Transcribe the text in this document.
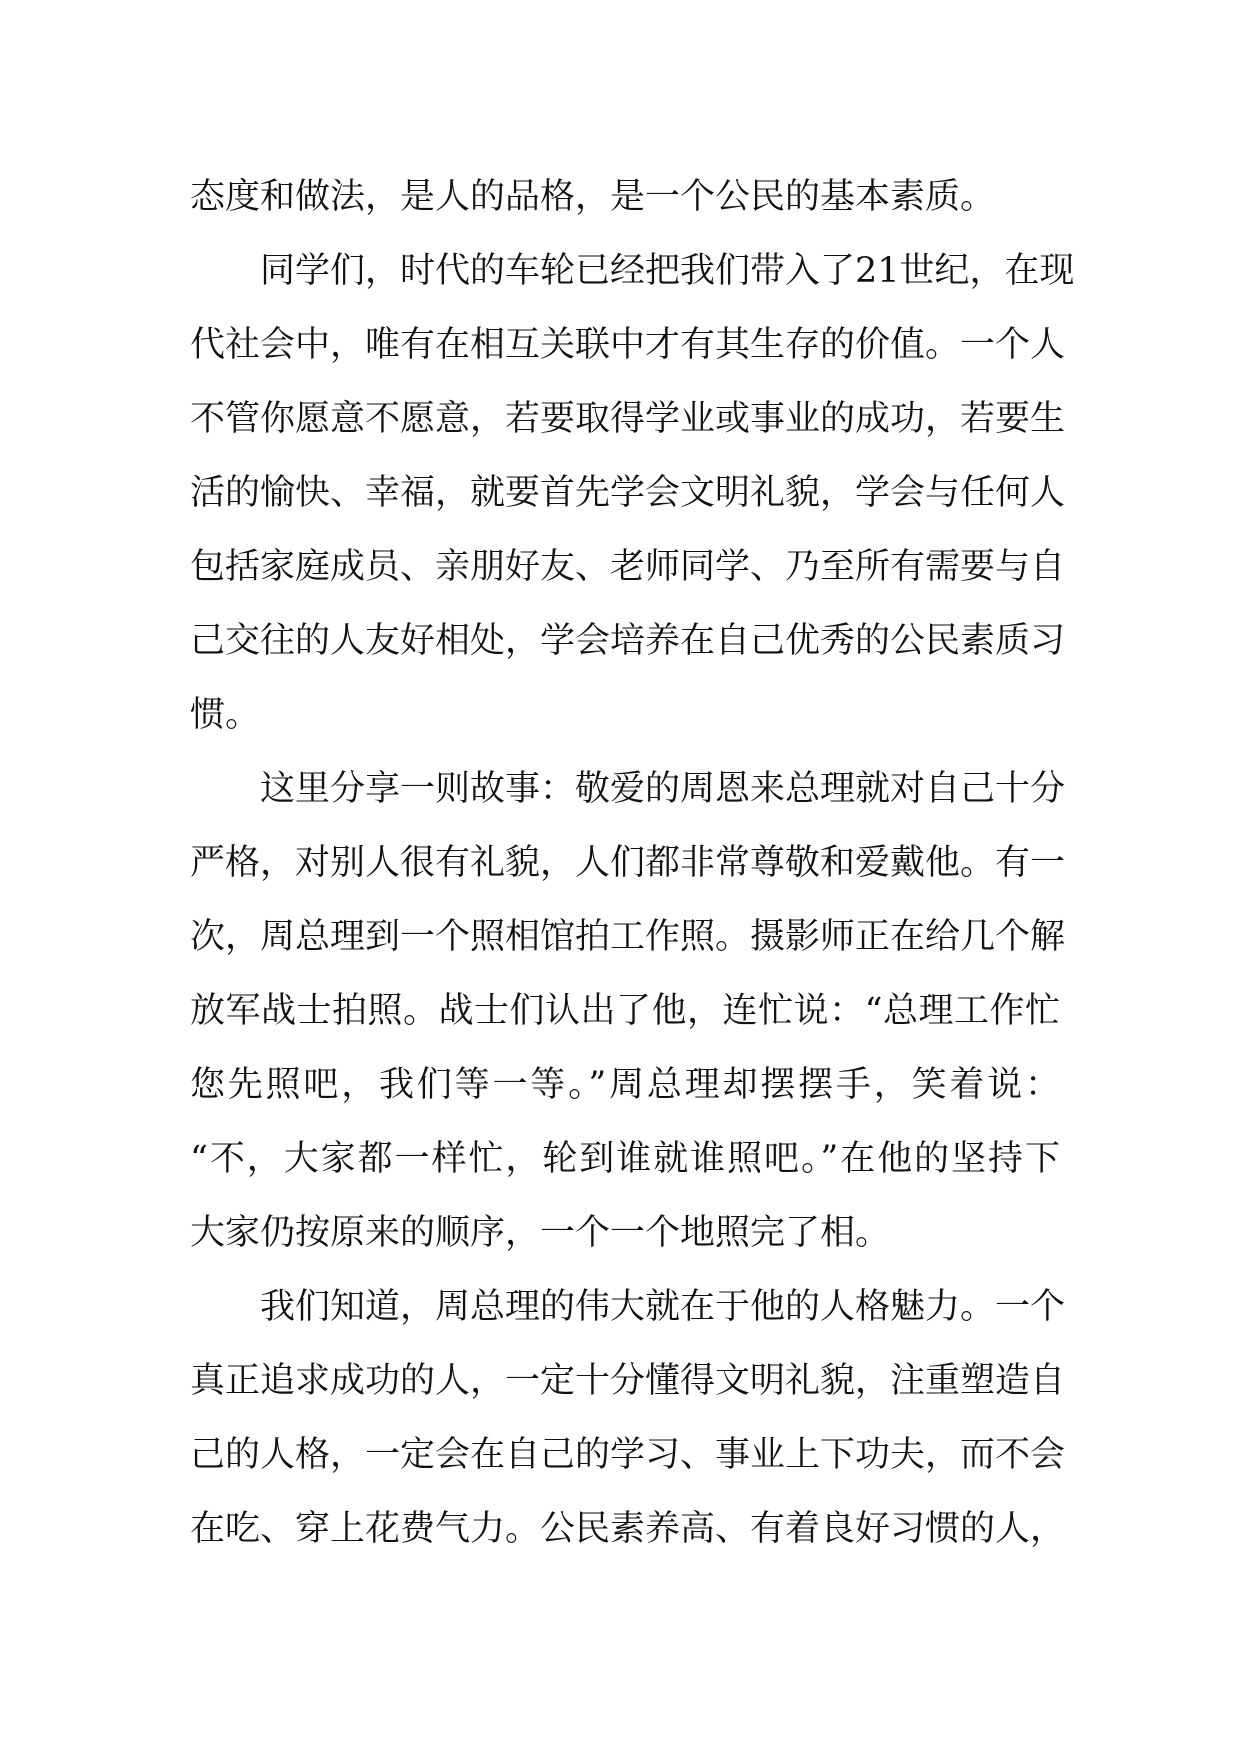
态度和做法，是人的品格，是一个公民的基本素质。
同学们，时代的车轮已经把我们带入了21世纪，在现
代社会中，唯有在相互关联中才有其生存的价值。一个人
不管你愿意不愿意，若要取得学业或事业的成功，若要生
活的愉快、幸福，就要首先学会文明礼貌，学会与任何人
包括家庭成员、亲朋好友、老师同学、乃至所有需要与自
己交往的人友好相处，学会培养在自己优秀的公民素质习
惯。
这里分享一则故事：敬爱的周恩来总理就对自己十分
严格，对别人很有礼貌，人们都非常尊敬和爱戴他。有一
次，周总理到一个照相馆拍工作照。摄影师正在给几个解
放军战士拍照。战士们认出了他，连忙说：“总理工作忙
您先照吧，我们等一等。”周总理却摆摆手，笑着说：
“不，大家都一样忙，轮到谁就谁照吧。”在他的坚持下
大家仍按原来的顺序，一个一个地照完了相。
我们知道，周总理的伟大就在于他的人格魅力。一个
真正追求成功的人，一定十分懂得文明礼貌，注重塑造自
己的人格，一定会在自己的学习、事业上下功夫，而不会
在吃、穿上花费气力。公民素养高、有着良好习惯的人，
